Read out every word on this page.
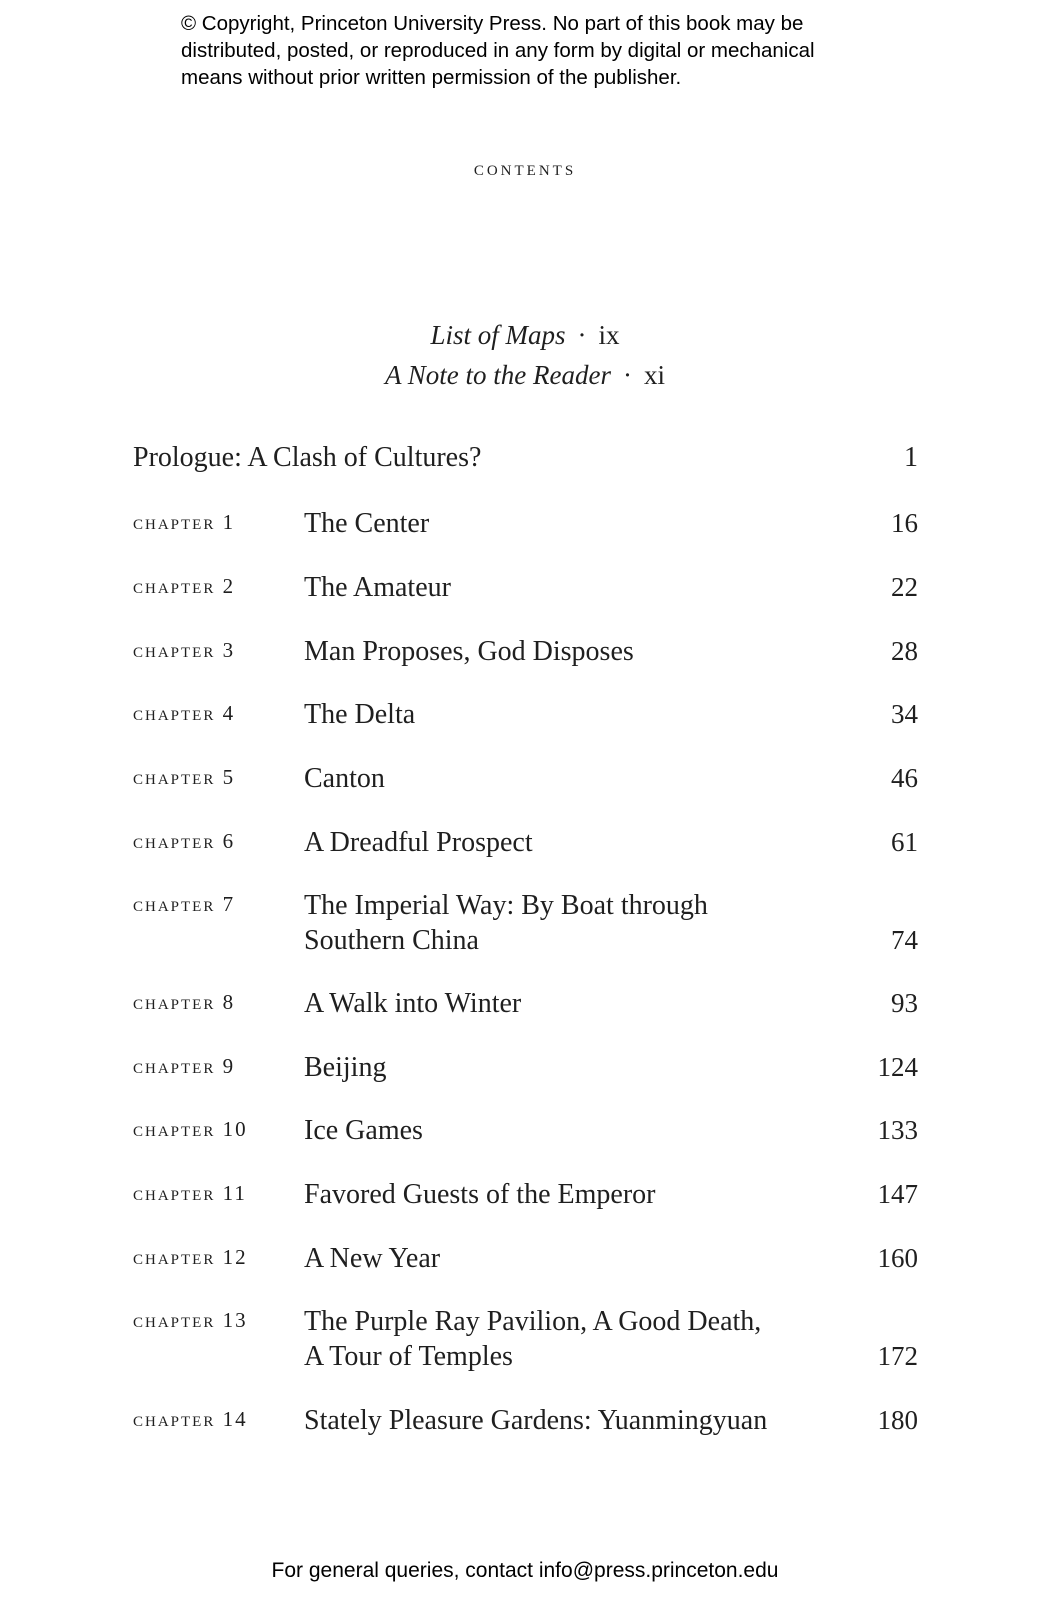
© Copyright, Princeton University Press. No part of this book may be
distributed, posted, or reproduced in any form by digital or mechanical
means without prior written permission of the publisher.
contents
List of Maps · ix
A Note to the Reader · xi
Prologue: A Clash of Cultures?	1
chapter 1 The Center	16
chapter 2 The Amateur	22
chapter 3 Man Proposes, God Disposes	28
chapter 4 The Delta	34
chapter 5 Canton	46
chapter 6 A Dreadful Prospect	61
chapter 7 The Imperial Way: By Boat through
Southern China	74
chapter 8 A Walk into Winter	93
chapter 9 Beijing	124
chapter 10 Ice Games	133
chapter 11 Favored Guests of the Emperor	147
chapter 12 A New Year	160
chapter 13 The Purple Ray Pavilion, A Good Death,
A Tour of Temples	172
chapter 14 Stately Pleasure Gardens: Yuanmingyuan	180
For general queries, contact info@press.princeton.edu
